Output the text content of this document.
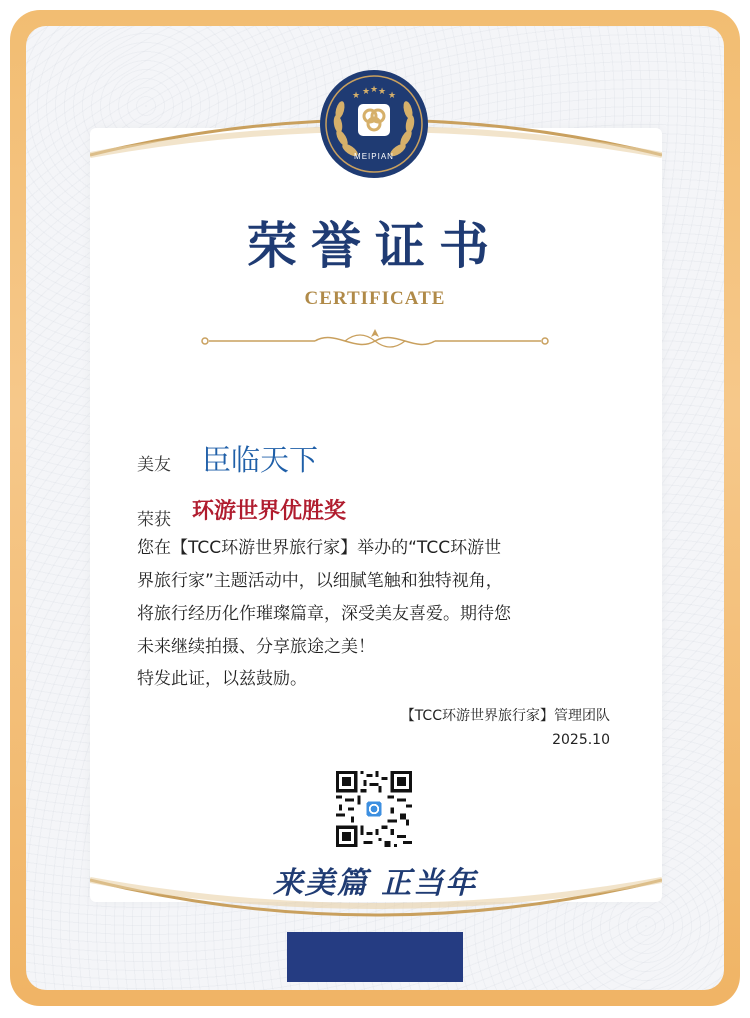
★ ★ ★ ★ ★
MEIPIAN
荣誉证书
CERTIFICATE
美友 臣临天下
荣获 环游世界优胜奖
您在【TCC环游世界旅行家】举办的“TCC环游世
界旅行家”主题活动中，以细腻笔触和独特视角，
将旅行经历化作璀璨篇章，深受美友喜爱。期待您
未来继续拍摄、分享旅途之美！
特发此证，以兹鼓励。
【TCC环游世界旅行家】管理团队
2025.10
来美篇 正当年
